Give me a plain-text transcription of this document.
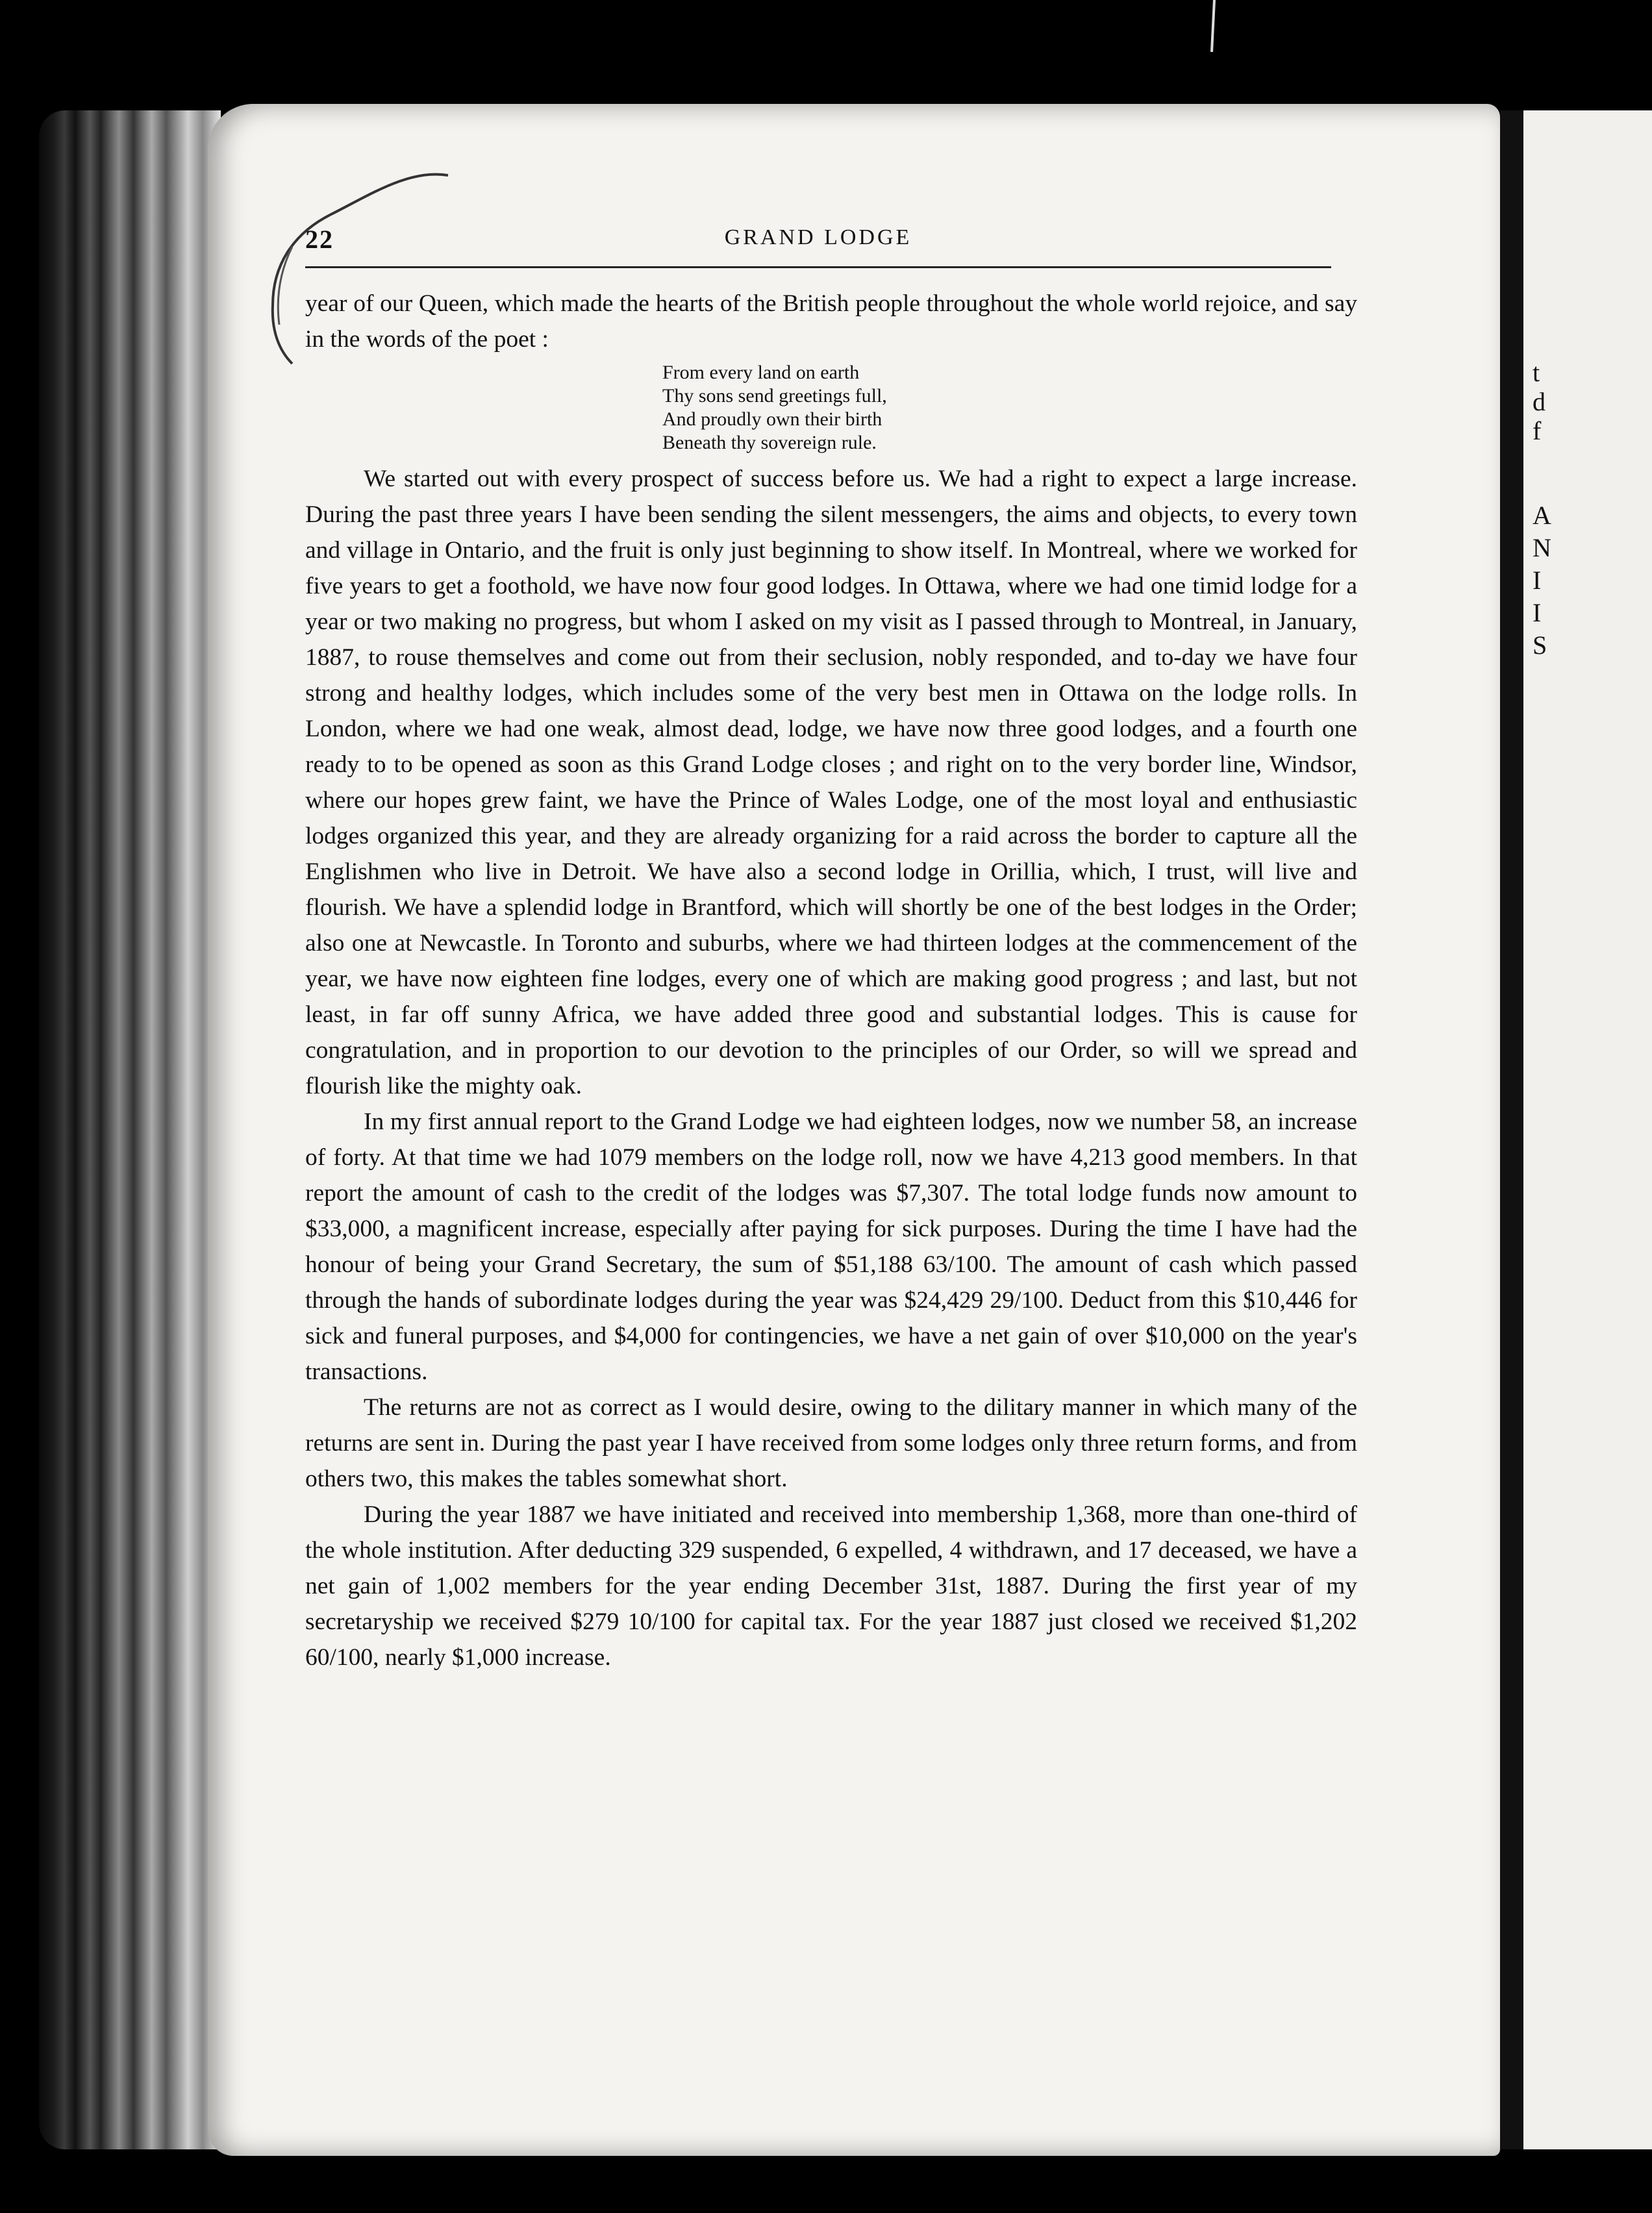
t
d
f
A
N
I
I
S
22	GRAND LODGE

year of our Queen, which made the hearts of the British people throughout the whole world rejoice, and say in the words of the poet :

From every land on earth
Thy sons send greetings full,
And proudly own their birth
Beneath thy sovereign rule.

We started out with every prospect of success before us. We had a right to expect a large increase. During the past three years I have been sending the silent messengers, the aims and objects, to every town and village in Ontario, and the fruit is only just beginning to show itself. In Montreal, where we worked for five years to get a foothold, we have now four good lodges. In Ottawa, where we had one timid lodge for a year or two making no progress, but whom I asked on my visit as I passed through to Montreal, in January, 1887, to rouse themselves and come out from their seclusion, nobly responded, and to-day we have four strong and healthy lodges, which includes some of the very best men in Ottawa on the lodge rolls. In London, where we had one weak, almost dead, lodge, we have now three good lodges, and a fourth one ready to to be opened as soon as this Grand Lodge closes ; and right on to the very border line, Windsor, where our hopes grew faint, we have the Prince of Wales Lodge, one of the most loyal and enthusiastic lodges organized this year, and they are already organizing for a raid across the border to capture all the Englishmen who live in Detroit. We have also a second lodge in Orillia, which, I trust, will live and flourish. We have a splendid lodge in Brantford, which will shortly be one of the best lodges in the Order; also one at Newcastle. In Toronto and suburbs, where we had thirteen lodges at the commencement of the year, we have now eighteen fine lodges, every one of which are making good progress ; and last, but not least, in far off sunny Africa, we have added three good and substantial lodges. This is cause for congratulation, and in proportion to our devotion to the principles of our Order, so will we spread and flourish like the mighty oak.

In my first annual report to the Grand Lodge we had eighteen lodges, now we number 58, an increase of forty. At that time we had 1079 members on the lodge roll, now we have 4,213 good members. In that report the amount of cash to the credit of the lodges was $7,307. The total lodge funds now amount to $33,000, a magnificent increase, especially after paying for sick purposes. During the time I have had the honour of being your Grand Secretary, the sum of $51,188 63/100. The amount of cash which passed through the hands of subordinate lodges during the year was $24,429 29/100. Deduct from this $10,446 for sick and funeral purposes, and $4,000 for contingencies, we have a net gain of over $10,000 on the year's transactions.

The returns are not as correct as I would desire, owing to the dilitary manner in which many of the returns are sent in. During the past year I have received from some lodges only three return forms, and from others two, this makes the tables somewhat short.

During the year 1887 we have initiated and received into membership 1,368, more than one-third of the whole institution. After deducting 329 suspended, 6 expelled, 4 withdrawn, and 17 deceased, we have a net gain of 1,002 members for the year ending December 31st, 1887. During the first year of my secretaryship we received $279 10/100 for capital tax. For the year 1887 just closed we received $1,202 60/100, nearly $1,000 increase.
